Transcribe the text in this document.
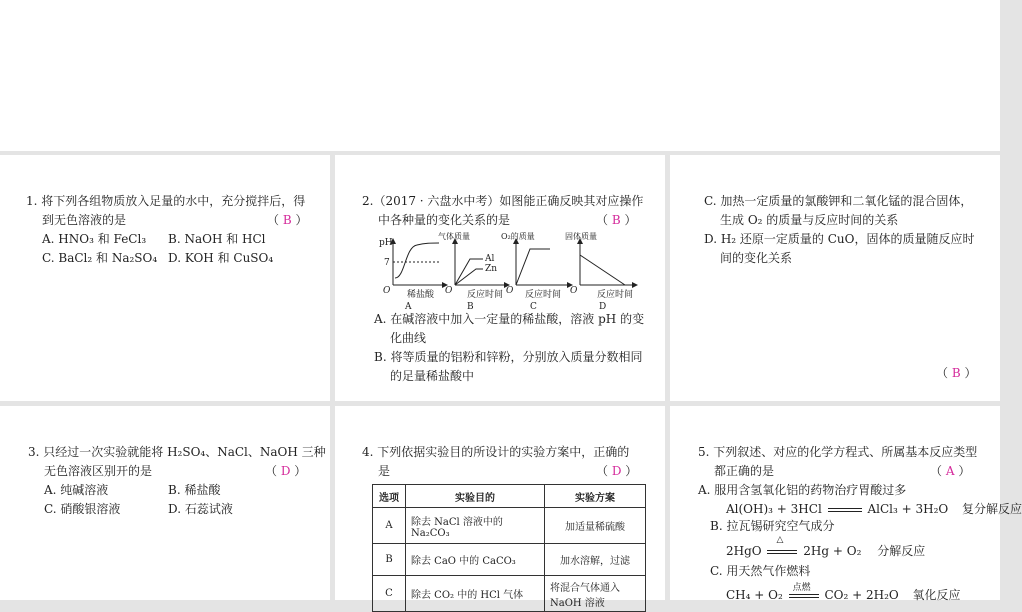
1. 将下列各组物质放入足量的水中，充分搅拌后，得
到无色溶液的是	（ B ）
A. HNO₃ 和 FeCl₃	B. NaOH 和 HCl
C. BaCl₂ 和 Na₂SO₄ D. KOH 和 CuSO₄
2.（2017 · 六盘水中考）如图能正确反映其对应操作
中各种量的变化关系的是	（ B ）
pH
7
O 稀盐酸
气体质量
Al
Zn
O 反应时间
O₂的质量
O 反应时间
固体质量
O 反应时间
A	B	C	D
A. 在碱溶液中加入一定量的稀盐酸，溶液 pH 的变
化曲线
B. 将等质量的铝粉和锌粉，分别放入质量分数相同
的足量稀盐酸中
C. 加热一定质量的氯酸钾和二氧化锰的混合固体，
生成 O₂ 的质量与反应时间的关系
D. H₂ 还原一定质量的 CuO，固体的质量随反应时
间的变化关系
（ B ）
3. 只经过一次实验就能将 H₂SO₄、NaCl、NaOH 三种
无色溶液区别开的是	（ D ）
A. 纯碱溶液	B. 稀盐酸
C. 硝酸银溶液	D. 石蕊试液
4. 下列依据实验目的所设计的实验方案中，正确的
是	（ D ）
选项	实验目的	实验方案
A	除去 NaCl 溶液中的 Na₂CO₃	加适量稀硫酸
B	除去 CaO 中的 CaCO₃	加水溶解，过滤
C	除去 CO₂ 中的 HCl 气体	将混合气体通入 NaOH 溶液
5. 下列叙述、对应的化学方程式、所属基本反应类型
都正确的是	（ A ）
A. 服用含氢氧化铝的药物治疗胃酸过多
Al(OH)₃ + 3HCl	AlCl₃ + 3H₂O 复分解反应
B. 拉瓦锡研究空气成分
2HgO
△
2Hg + O₂ 分解反应
C. 用天然气作燃料
CH₄ + O₂
点燃
CO₂ + 2H₂O 氧化反应
